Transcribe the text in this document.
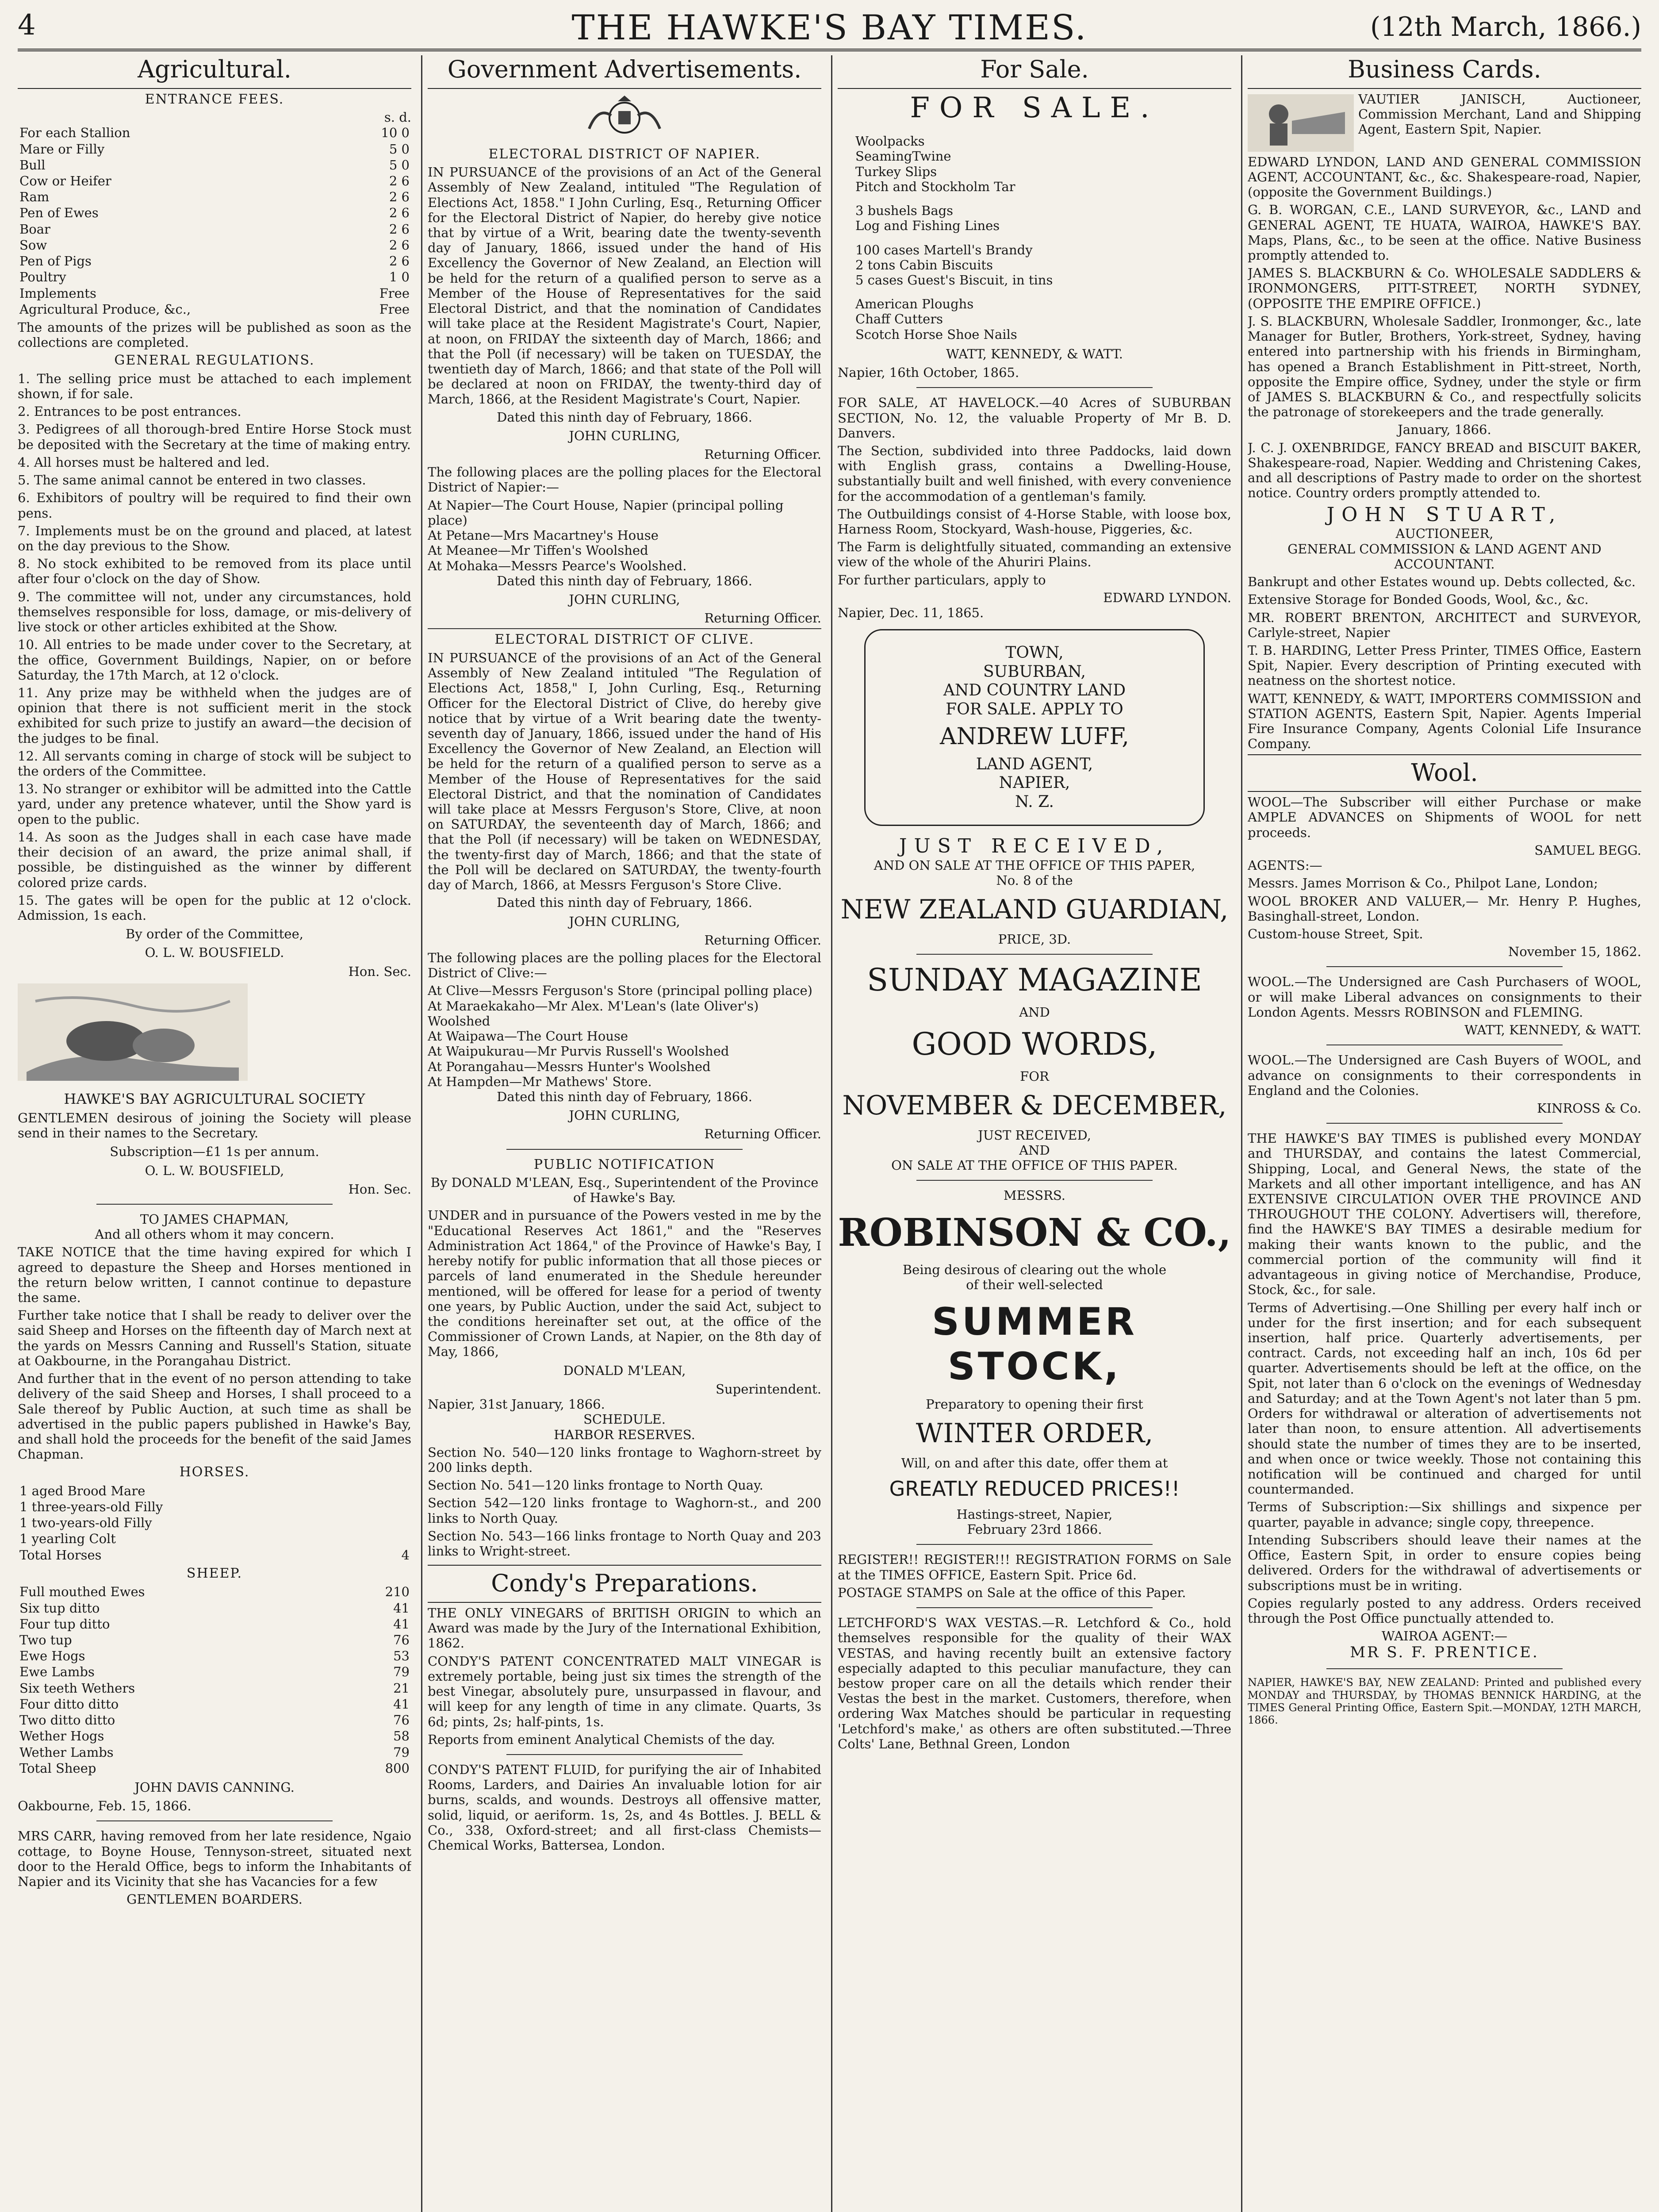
4	THE HAWKE'S BAY TIMES.	(12th March, 1866.)
Agricultural.
ENTRANCE FEES.
s. d.
For each Stallion	10 0
Mare or Filly	5 0
Bull	5 0
Cow or Heifer	2 6
Ram	2 6
Pen of Ewes	2 6
Boar	2 6
Sow	2 6
Pen of Pigs	2 6
Poultry	1 0
Implements	Free
Agricultural Produce, &c.,	Free

The amounts of the prizes will be published as soon as the collections are completed.

GENERAL REGULATIONS.

1. The selling price must be attached to each implement shown, if for sale.

2. Entrances to be post entrances.

3. Pedigrees of all thorough-bred Entire Horse Stock must be deposited with the Secretary at the time of making entry.

4. All horses must be haltered and led.

5. The same animal cannot be entered in two classes.

6. Exhibitors of poultry will be required to find their own pens.

7. Implements must be on the ground and placed, at latest on the day previous to the Show.

8. No stock exhibited to be removed from its place until after four o'clock on the day of Show.

9. The committee will not, under any circumstances, hold themselves responsible for loss, damage, or mis-delivery of live stock or other articles exhibited at the Show.

10. All entries to be made under cover to the Secretary, at the office, Government Buildings, Napier, on or before Saturday, the 17th March, at 12 o'clock.

11. Any prize may be withheld when the judges are of opinion that there is not sufficient merit in the stock exhibited for such prize to justify an award—the decision of the judges to be final.

12. All servants coming in charge of stock will be subject to the orders of the Committee.

13. No stranger or exhibitor will be admitted into the Cattle yard, under any pretence whatever, until the Show yard is open to the public.

14. As soon as the Judges shall in each case have made their decision of an award, the prize animal shall, if possible, be distinguished as the winner by different colored prize cards.

15. The gates will be open for the public at 12 o'clock. Admission, 1s each.

By order of the Committee,
O. L. W. BOUSFIELD.
Hon. Sec.
HAWKE'S BAY AGRICULTURAL SOCIETY

GENTLEMEN desirous of joining the Society will please send in their names to the Secretary.

Subscription—£1 1s per annum.
O. L. W. BOUSFIELD,
Hon. Sec.
TO JAMES CHAPMAN,
And all others whom it may concern.

TAKE NOTICE that the time having expired for which I agreed to depasture the Sheep and Horses mentioned in the return below written, I cannot continue to depasture the same.

Further take notice that I shall be ready to deliver over the said Sheep and Horses on the fifteenth day of March next at the yards on Messrs Canning and Russell's Station, situate at Oakbourne, in the Porangahau District.

And further that in the event of no person attending to take delivery of the said Sheep and Horses, I shall proceed to a Sale thereof by Public Auction, at such time as shall be advertised in the public papers published in Hawke's Bay, and shall hold the proceeds for the benefit of the said James Chapman.

HORSES.
1 aged Brood Mare	
1 three-years-old Filly	
1 two-years-old Filly	
1 yearling Colt	
Total Horses	4
SHEEP.
Full mouthed Ewes	210
Six tup ditto	41
Four tup ditto	41
Two tup	76
Ewe Hogs	53
Ewe Lambs	79
Six teeth Wethers	21
Four ditto ditto	41
Two ditto ditto	76
Wether Hogs	58
Wether Lambs	79
Total Sheep	800
JOHN DAVIS CANNING.
Oakbourne, Feb. 15, 1866.

MRS CARR, having removed from her late residence, Ngaio cottage, to Boyne House, Tennyson-street, situated next door to the Herald Office, begs to inform the Inhabitants of Napier and its Vicinity that she has Vacancies for a few

GENTLEMEN BOARDERS.
Government Advertisements.
ELECTORAL DISTRICT OF NAPIER.

IN PURSUANCE of the provisions of an Act of the General Assembly of New Zealand, intituled "The Regulation of Elections Act, 1858." I John Curling, Esq., Returning Officer for the Electoral District of Napier, do hereby give notice that by virtue of a Writ, bearing date the twenty-seventh day of January, 1866, issued under the hand of His Excellency the Governor of New Zealand, an Election will be held for the return of a qualified person to serve as a Member of the House of Representatives for the said Electoral District, and that the nomination of Candidates will take place at the Resident Magistrate's Court, Napier, at noon, on FRIDAY the sixteenth day of March, 1866; and that the Poll (if necessary) will be taken on TUESDAY, the twentieth day of March, 1866; and that state of the Poll will be declared at noon on FRIDAY, the twenty-third day of March, 1866, at the Resident Magistrate's Court, Napier.

Dated this ninth day of February, 1866.
JOHN CURLING,
Returning Officer.

The following places are the polling places for the Electoral District of Napier:—

At Napier—The Court House, Napier (principal polling place)
At Petane—Mrs Macartney's House
At Meanee—Mr Tiffen's Woolshed
At Mohaka—Messrs Pearce's Woolshed.
Dated this ninth day of February, 1866.
JOHN CURLING,
Returning Officer.
ELECTORAL DISTRICT OF CLIVE.

IN PURSUANCE of the provisions of an Act of the General Assembly of New Zealand intituled "The Regulation of Elections Act, 1858," I, John Curling, Esq., Returning Officer for the Electoral District of Clive, do hereby give notice that by virtue of a Writ bearing date the twenty-seventh day of January, 1866, issued under the hand of His Excellency the Governor of New Zealand, an Election will be held for the return of a qualified person to serve as a Member of the House of Representatives for the said Electoral District, and that the nomination of Candidates will take place at Messrs Ferguson's Store, Clive, at noon on SATURDAY, the seventeenth day of March, 1866; and that the Poll (if necessary) will be taken on WEDNESDAY, the twenty-first day of March, 1866; and that the state of the Poll will be declared on SATURDAY, the twenty-fourth day of March, 1866, at Messrs Ferguson's Store Clive.

Dated this ninth day of February, 1866.
JOHN CURLING,
Returning Officer.

The following places are the polling places for the Electoral District of Clive:—

At Clive—Messrs Ferguson's Store (principal polling place)
At Maraekakaho—Mr Alex. M'Lean's (late Oliver's) Woolshed
At Waipawa—The Court House
At Waipukurau—Mr Purvis Russell's Woolshed
At Porangahau—Messrs Hunter's Woolshed
At Hampden—Mr Mathews' Store.
Dated this ninth day of February, 1866.
JOHN CURLING,
Returning Officer.
PUBLIC NOTIFICATION

By DONALD M'LEAN, Esq., Superintendent of the Province of Hawke's Bay.

UNDER and in pursuance of the Powers vested in me by the "Educational Reserves Act 1861," and the "Reserves Administration Act 1864," of the Province of Hawke's Bay, I hereby notify for public information that all those pieces or parcels of land enumerated in the Shedule hereunder mentioned, will be offered for lease for a period of twenty one years, by Public Auction, under the said Act, subject to the conditions hereinafter set out, at the office of the Commissioner of Crown Lands, at Napier, on the 8th day of May, 1866,

DONALD M'LEAN,
Superintendent.
Napier, 31st January, 1866.
SCHEDULE.
HARBOR RESERVES.

Section No. 540—120 links frontage to Waghorn-street by 200 links depth.

Section No. 541—120 links frontage to North Quay.

Section 542—120 links frontage to Waghorn-st., and 200 links to North Quay.

Section No. 543—166 links frontage to North Quay and 203 links to Wright-street.

Condy's Preparations.

THE ONLY VINEGARS of BRITISH ORIGIN to which an Award was made by the Jury of the International Exhibition, 1862.

CONDY'S PATENT CONCENTRATED MALT VINEGAR is extremely portable, being just six times the strength of the best Vinegar, absolutely pure, unsurpassed in flavour, and will keep for any length of time in any climate. Quarts, 3s 6d; pints, 2s; half-pints, 1s.

Reports from eminent Analytical Chemists of the day.

CONDY'S PATENT FLUID, for purifying the air of Inhabited Rooms, Larders, and Dairies An invaluable lotion for air burns, scalds, and wounds. Destroys all offensive matter, solid, liquid, or aeriform. 1s, 2s, and 4s Bottles. J. BELL & Co., 338, Oxford-street; and all first-class Chemists—Chemical Works, Battersea, London.

For Sale.
FOR SALE.
Woolpacks
SeamingTwine
Turkey Slips
Pitch and Stockholm Tar
3 bushels Bags
Log and Fishing Lines
100 cases Martell's Brandy
2 tons Cabin Biscuits
5 cases Guest's Biscuit, in tins
American Ploughs
Chaff Cutters
Scotch Horse Shoe Nails
WATT, KENNEDY, & WATT.
Napier, 16th October, 1865.

FOR SALE, AT HAVELOCK.—40 Acres of SUBURBAN SECTION, No. 12, the valuable Property of Mr B. D. Danvers.

The Section, subdivided into three Paddocks, laid down with English grass, contains a Dwelling-House, substantially built and well finished, with every convenience for the accommodation of a gentleman's family.

The Outbuildings consist of 4-Horse Stable, with loose box, Harness Room, Stockyard, Wash-house, Piggeries, &c.

The Farm is delightfully situated, commanding an extensive view of the whole of the Ahuriri Plains.

For further particulars, apply to

EDWARD LYNDON.
Napier, Dec. 11, 1865.
TOWN,
SUBURBAN,
AND COUNTRY LAND
FOR SALE. APPLY TO
ANDREW LUFF,
LAND AGENT,
NAPIER,
N. Z.
JUST RECEIVED,
AND ON SALE AT THE OFFICE OF THIS PAPER,
No. 8 of the
NEW ZEALAND GUARDIAN,
PRICE, 3D.
SUNDAY MAGAZINE
AND
GOOD WORDS,
FOR
NOVEMBER & DECEMBER,
JUST RECEIVED,
AND
ON SALE AT THE OFFICE OF THIS PAPER.
MESSRS.
ROBINSON & CO.,
Being desirous of clearing out the whole
of their well-selected
SUMMER STOCK,
Preparatory to opening their first
WINTER ORDER,
Will, on and after this date, offer them at
GREATLY REDUCED PRICES!!
Hastings-street, Napier,
February 23rd 1866.

REGISTER!! REGISTER!!! REGISTRATION FORMS on Sale at the TIMES OFFICE, Eastern Spit. Price 6d.

POSTAGE STAMPS on Sale at the office of this Paper.

LETCHFORD'S WAX VESTAS.—R. Letchford & Co., hold themselves responsible for the quality of their WAX VESTAS, and having recently built an extensive factory especially adapted to this peculiar manufacture, they can bestow proper care on all the details which render their Vestas the best in the market. Customers, therefore, when ordering Wax Matches should be particular in requesting 'Letchford's make,' as others are often substituted.—Three Colts' Lane, Bethnal Green, London

Business Cards.

VAUTIER JANISCH, Auctioneer, Commission Merchant, Land and Shipping Agent, Eastern Spit, Napier.

EDWARD LYNDON, LAND AND GENERAL COMMISSION AGENT, ACCOUNTANT, &c., &c. Shakespeare-road, Napier, (opposite the Government Buildings.)

G. B. WORGAN, C.E., LAND SURVEYOR, &c., LAND and GENERAL AGENT, TE HUATA, WAIROA, HAWKE'S BAY. Maps, Plans, &c., to be seen at the office. Native Business promptly attended to.

JAMES S. BLACKBURN & Co. WHOLESALE SADDLERS & IRONMONGERS, PITT-STREET, NORTH SYDNEY, (OPPOSITE THE EMPIRE OFFICE.)

J. S. BLACKBURN, Wholesale Saddler, Ironmonger, &c., late Manager for Butler, Brothers, York-street, Sydney, having entered into partnership with his friends in Birmingham, has opened a Branch Establishment in Pitt-street, North, opposite the Empire office, Sydney, under the style or firm of JAMES S. BLACKBURN & Co., and respectfully solicits the patronage of storekeepers and the trade generally.

January, 1866.

J. C. J. OXENBRIDGE, FANCY BREAD and BISCUIT BAKER, Shakespeare-road, Napier. Wedding and Christening Cakes, and all descriptions of Pastry made to order on the shortest notice. Country orders promptly attended to.

JOHN STUART,
AUCTIONEER,
GENERAL COMMISSION & LAND AGENT AND ACCOUNTANT.

Bankrupt and other Estates wound up. Debts collected, &c.

Extensive Storage for Bonded Goods, Wool, &c., &c.

MR. ROBERT BRENTON, ARCHITECT and SURVEYOR, Carlyle-street, Napier

T. B. HARDING, Letter Press Printer, TIMES Office, Eastern Spit, Napier. Every description of Printing executed with neatness on the shortest notice.

WATT, KENNEDY, & WATT, IMPORTERS COMMISSION and STATION AGENTS, Eastern Spit, Napier. Agents Imperial Fire Insurance Company, Agents Colonial Life Insurance Company.

Wool.

WOOL—The Subscriber will either Purchase or make AMPLE ADVANCES on Shipments of WOOL for nett proceeds.

SAMUEL BEGG.
AGENTS:—

Messrs. James Morrison & Co., Philpot Lane, London;

WOOL BROKER AND VALUER,— Mr. Henry P. Hughes, Basinghall-street, London.

Custom-house Street, Spit.

November 15, 1862.

WOOL.—The Undersigned are Cash Purchasers of WOOL, or will make Liberal advances on consignments to their London Agents. Messrs ROBINSON and FLEMING.

WATT, KENNEDY, & WATT.

WOOL.—The Undersigned are Cash Buyers of WOOL, and advance on consignments to their correspondents in England and the Colonies.

KINROSS & Co.

THE HAWKE'S BAY TIMES is published every MONDAY and THURSDAY, and contains the latest Commercial, Shipping, Local, and General News, the state of the Markets and all other important intelligence, and has AN EXTENSIVE CIRCULATION OVER THE PROVINCE AND THROUGHOUT THE COLONY. Advertisers will, therefore, find the HAWKE'S BAY TIMES a desirable medium for making their wants known to the public, and the commercial portion of the community will find it advantageous in giving notice of Merchandise, Produce, Stock, &c., for sale.

Terms of Advertising.—One Shilling per every half inch or under for the first insertion; and for each subsequent insertion, half price. Quarterly advertisements, per contract. Cards, not exceeding half an inch, 10s 6d per quarter. Advertisements should be left at the office, on the Spit, not later than 6 o'clock on the evenings of Wednesday and Saturday; and at the Town Agent's not later than 5 pm. Orders for withdrawal or alteration of advertisements not later than noon, to ensure attention. All advertisements should state the number of times they are to be inserted, and when once or twice weekly. Those not containing this notification will be continued and charged for until countermanded.

Terms of Subscription:—Six shillings and sixpence per quarter, payable in advance; single copy, threepence.

Intending Subscribers should leave their names at the Office, Eastern Spit, in order to ensure copies being delivered. Orders for the withdrawal of advertisements or subscriptions must be in writing.

Copies regularly posted to any address. Orders received through the Post Office punctually attended to.

WAIROA AGENT:—
MR S. F. PRENTICE.

NAPIER, HAWKE'S BAY, NEW ZEALAND: Printed and published every MONDAY and THURSDAY, by THOMAS BENNICK HARDING, at the TIMES General Printing Office, Eastern Spit.—MONDAY, 12TH MARCH, 1866.
